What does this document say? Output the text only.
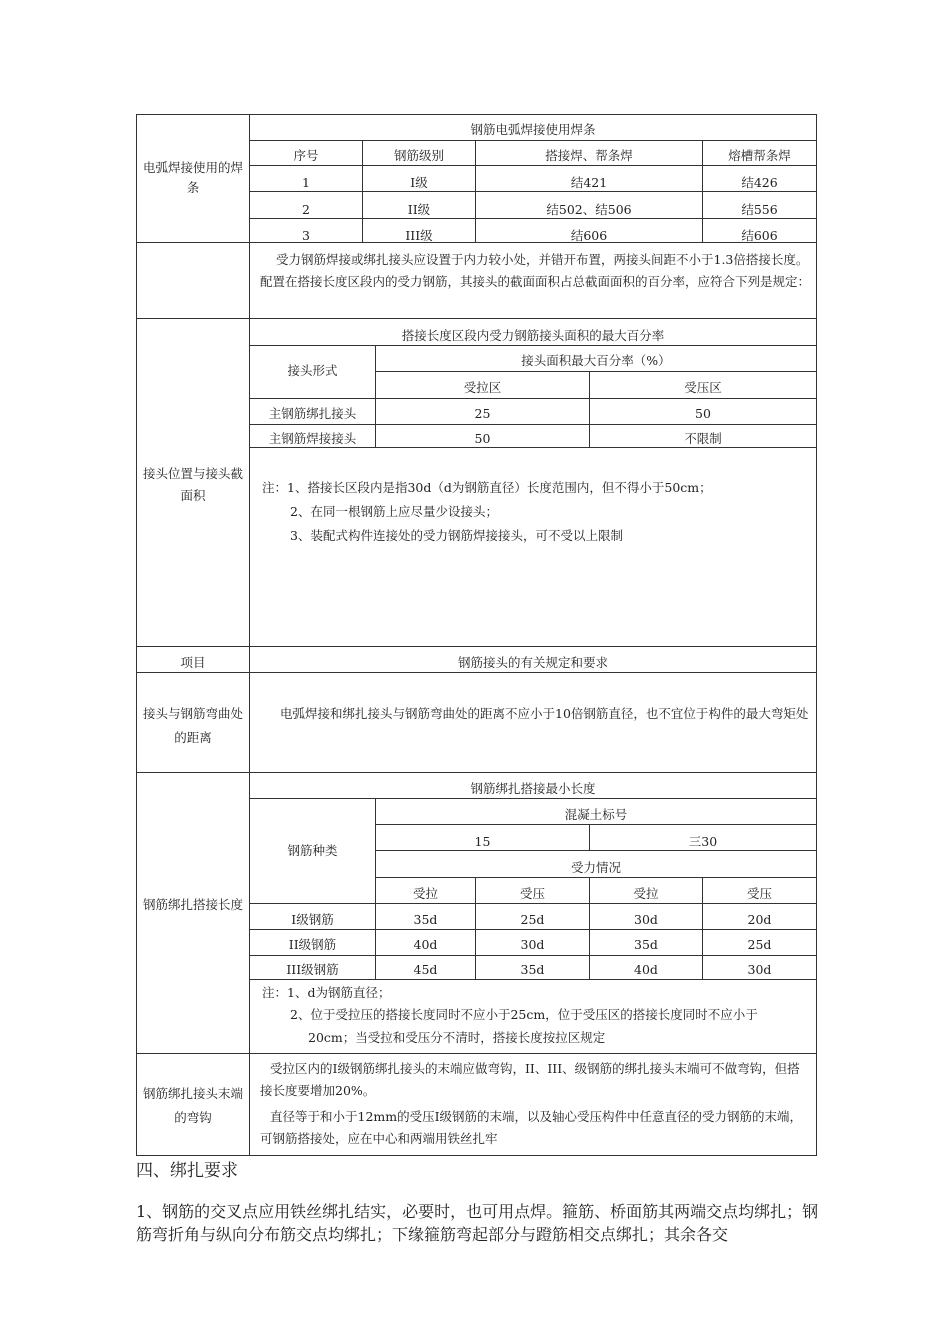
电弧焊接使用的焊条
钢筋电弧焊接使用焊条
序号	钢筋级别	搭接焊、帮条焊	熔槽帮条焊
1	I级	结421	结426
2	II级	结502、结506	结556
3	III级	结606	结606
受力钢筋焊接或绑扎接头应设置于内力较小处，并错开布置，两接头间距不小于1.3倍搭接长度。配置在搭接长度区段内的受力钢筋，其接头的截面面积占总截面面积的百分率，应符合下列是规定：
接头位置与接头截面积
搭接长度区段内受力钢筋接头面积的最大百分率
接头形式
接头面积最大百分率（%）
受拉区	受压区
主钢筋绑扎接头	25	50
主钢筋焊接接头	50	不限制
注：1、搭接长区段内是指30d（d为钢筋直径）长度范围内，但不得小于50cm；
2、在同一根钢筋上应尽量少设接头；
3、装配式构件连接处的受力钢筋焊接接头，可不受以上限制
项目	钢筋接头的有关规定和要求
接头与钢筋弯曲处的距离
电弧焊接和绑扎接头与钢筋弯曲处的距离不应小于10倍钢筋直径，也不宜位于构件的最大弯矩处
钢筋绑扎搭接长度
钢筋绑扎搭接最小长度
钢筋种类
混凝土标号
15	三30
受力情况
受拉	受压	受拉	受压
I级钢筋	35d	25d	30d	20d
II级钢筋	40d	30d	35d	25d
III级钢筋	45d	35d	40d	30d
注：1、d为钢筋直径；
2、位于受拉压的搭接长度同时不应小于25cm，位于受压区的搭接长度同时不应小于
20cm；当受拉和受压分不清时，搭接长度按拉区规定
钢筋绑扎接头末端的弯钩
受拉区内的I级钢筋绑扎接头的末端应做弯钩，II、III、级钢筋的绑扎接头末端可不做弯钩，但搭接长度要增加20%。
直径等于和小于12mm的受压I级钢筋的末端，以及轴心受压构件中任意直径的受力钢筋的末端，可钢筋搭接处，应在中心和两端用铁丝扎牢
四、绑扎要求
1、钢筋的交叉点应用铁丝绑扎结实，必要时，也可用点焊。箍筋、桥面筋其两端交点均绑扎；钢筋弯折角与纵向分布筋交点均绑扎；下缘箍筋弯起部分与蹬筋相交点绑扎；其余各交
